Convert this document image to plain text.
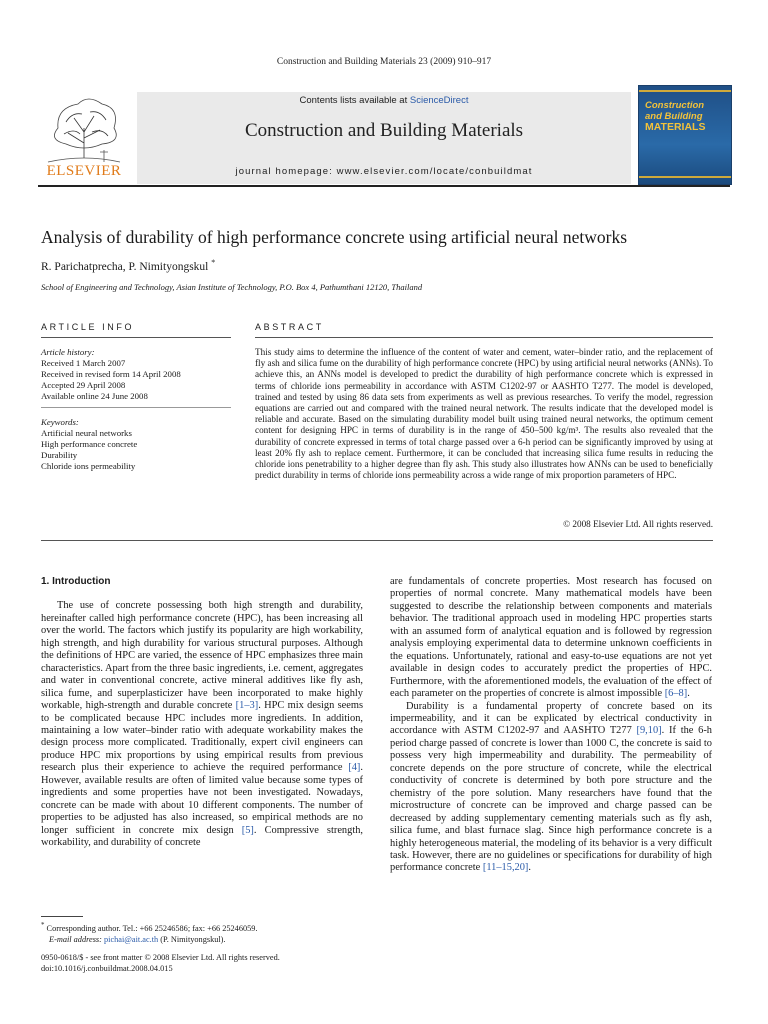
Construction and Building Materials 23 (2009) 910–917
ELSEVIER
Contents lists available at ScienceDirect
Construction and Building Materials
journal homepage: www.elsevier.com/locate/conbuildmat
Construction
and Building
MATERIALS
Analysis of durability of high performance concrete using artificial neural networks
R. Parichatprecha, P. Nimityongskul *
School of Engineering and Technology, Asian Institute of Technology, P.O. Box 4, Pathumthani 12120, Thailand
ARTICLE INFO
Article history:
Received 1 March 2007
Received in revised form 14 April 2008
Accepted 29 April 2008
Available online 24 June 2008
Keywords:
Artificial neural networks
High performance concrete
Durability
Chloride ions permeability
ABSTRACT
This study aims to determine the influence of the content of water and cement, water–binder ratio, and the replacement of fly ash and silica fume on the durability of high performance concrete (HPC) by using artificial neural networks (ANNs). To achieve this, an ANNs model is developed to predict the durability of high performance concrete which is expressed in terms of chloride ions permeability in accordance with ASTM C1202-97 or AASHTO T277. The model is developed, trained and tested by using 86 data sets from experiments as well as previous researches. To verify the model, regression equations are carried out and compared with the trained neural network. The results indicate that the developed model is reliable and accurate. Based on the simulating durability model built using trained neural networks, the optimum cement content for designing HPC in terms of durability is in the range of 450–500 kg/m³. The results also revealed that the durability of concrete expressed in terms of total charge passed over a 6-h period can be significantly improved by using at least 20% fly ash to replace cement. Furthermore, it can be concluded that increasing silica fume results in reducing the chloride ions penetrability to a higher degree than fly ash. This study also illustrates how ANNs can be used to beneficially predict durability in terms of chloride ions permeability across a wide range of mix proportion parameters of HPC.
© 2008 Elsevier Ltd. All rights reserved.
1. Introduction

The use of concrete possessing both high strength and durability, hereinafter called high performance concrete (HPC), has been increasing all over the world. The factors which justify its popularity are high workability, high strength, and high durability for various structural purposes. Although the definitions of HPC are varied, the essence of HPC emphasizes three main characteristics. Apart from the three basic ingredients, i.e. cement, aggregates and water in conventional concrete, active mineral additives like fly ash, silica fume, and superplasticizer have been incorporated to make highly workable, high-strength and durable concrete [1–3]. HPC mix design seems to be complicated because HPC includes more ingredients. In addition, maintaining a low water–binder ratio with adequate workability makes the design process more complicated. Traditionally, expert civil engineers can produce HPC mix proportions by using empirical results from previous research plus their experience to achieve the required performance [4]. However, available results are often of limited value because some types of ingredients and some properties have not been investigated. Nowadays, concrete can be made with about 10 different components. The number of properties to be adjusted has also increased, so empirical methods are no longer sufficient in concrete mix design [5]. Compressive strength, workability, and durability of concrete

are fundamentals of concrete properties. Most research has focused on properties of normal concrete. Many mathematical models have been suggested to describe the relationship between components and materials behavior. The traditional approach used in modeling HPC properties starts with an assumed form of analytical equation and is followed by regression analysis employing experimental data to determine unknown coefficients in the equations. Unfortunately, rational and easy-to-use equations are not yet available in design codes to accurately predict the properties of HPC. Furthermore, with the aforementioned models, the evaluation of the effect of each parameter on the properties of concrete is almost impossible [6–8].

Durability is a fundamental property of concrete based on its impermeability, and it can be explicated by electrical conductivity in accordance with ASTM C1202-97 and AASHTO T277 [9,10]. If the 6-h period charge passed of concrete is lower than 1000 C, the concrete is said to possess very high impermeability and durability. The permeability of concrete depends on the pore structure of concrete, while the electrical conductivity of concrete is determined by both pore structure and the chemistry of the pore solution. Many researchers have found that the microstructure of concrete can be improved and charge passed can be decreased by adding supplementary cementing materials such as fly ash, silica fume, and blast furnace slag. Since high performance concrete is a highly heterogeneous material, the modeling of its behavior is a very difficult task. However, there are no guidelines or specifications for durability of high performance concrete [11–15,20].

* Corresponding author. Tel.: +66 25246586; fax: +66 25246059.
E-mail address: pichai@ait.ac.th (P. Nimityongskul).
0950-0618/$ - see front matter © 2008 Elsevier Ltd. All rights reserved.
doi:10.1016/j.conbuildmat.2008.04.015
